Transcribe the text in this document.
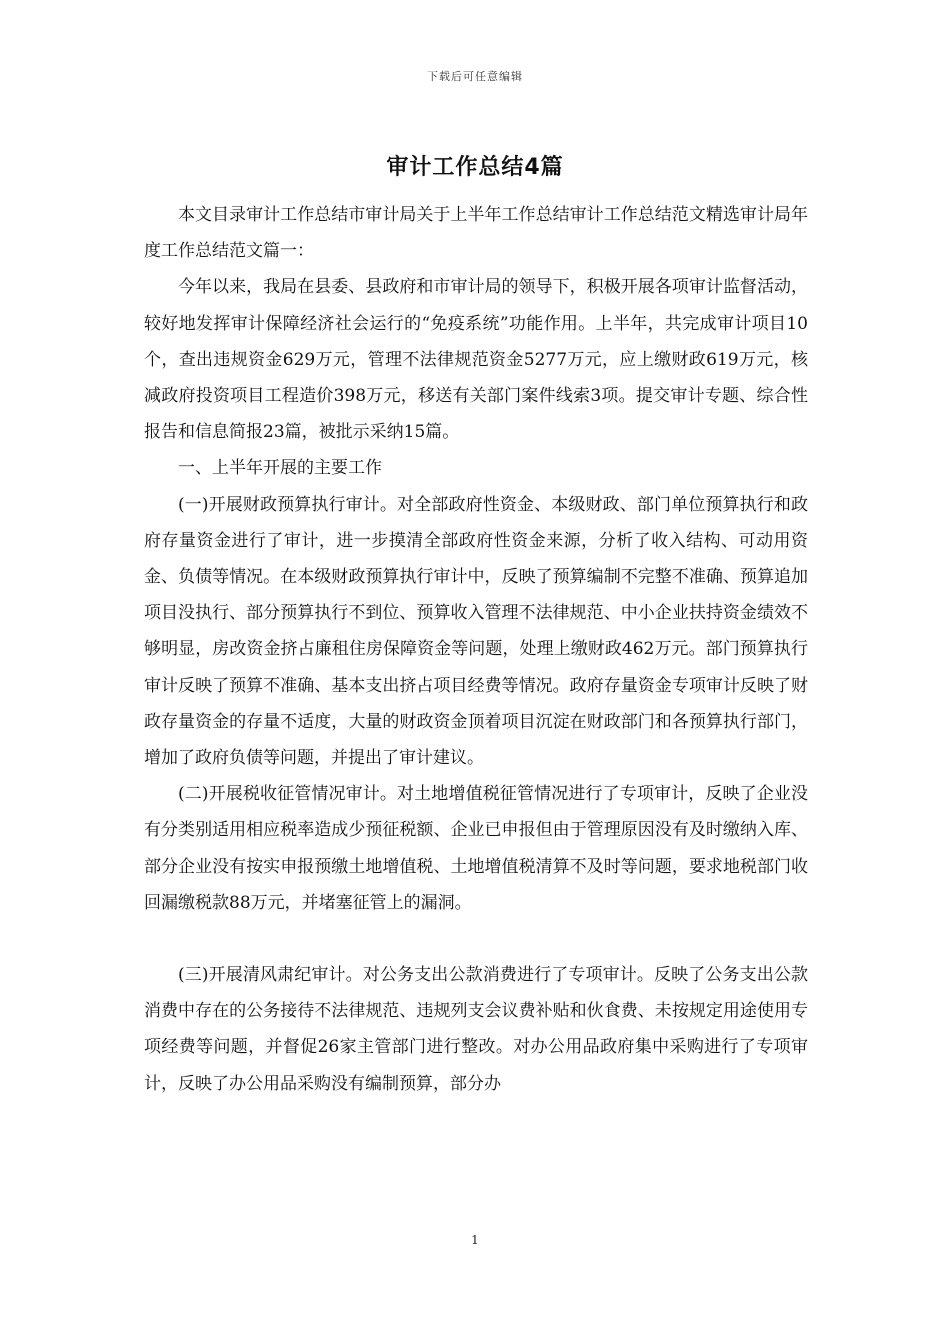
下载后可任意编辑
审计工作总结4篇

本文目录审计工作总结市审计局关于上半年工作总结审计工作总结范文精选审计局年度工作总结范文篇一：

今年以来，我局在县委、县政府和市审计局的领导下，积极开展各项审计监督活动，较好地发挥审计保障经济社会运行的“免疫系统”功能作用。上半年，共完成审计项目10个，查出违规资金629万元，管理不法律规范资金5277万元，应上缴财政619万元，核减政府投资项目工程造价398万元，移送有关部门案件线索3项。提交审计专题、综合性报告和信息简报23篇，被批示采纳15篇。

一、上半年开展的主要工作

(一)开展财政预算执行审计。对全部政府性资金、本级财政、部门单位预算执行和政府存量资金进行了审计，进一步摸清全部政府性资金来源，分析了收入结构、可动用资金、负债等情况。在本级财政预算执行审计中，反映了预算编制不完整不准确、预算追加项目没执行、部分预算执行不到位、预算收入管理不法律规范、中小企业扶持资金绩效不够明显，房改资金挤占廉租住房保障资金等问题，处理上缴财政462万元。部门预算执行审计反映了预算不准确、基本支出挤占项目经费等情况。政府存量资金专项审计反映了财政存量资金的存量不适度，大量的财政资金顶着项目沉淀在财政部门和各预算执行部门，增加了政府负债等问题，并提出了审计建议。

(二)开展税收征管情况审计。对土地增值税征管情况进行了专项审计，反映了企业没有分类别适用相应税率造成少预征税额、企业已申报但由于管理原因没有及时缴纳入库、部分企业没有按实申报预缴土地增值税、土地增值税清算不及时等问题，要求地税部门收回漏缴税款88万元，并堵塞征管上的漏洞。

(三)开展清风肃纪审计。对公务支出公款消费进行了专项审计。反映了公务支出公款消费中存在的公务接待不法律规范、违规列支会议费补贴和伙食费、未按规定用途使用专项经费等问题，并督促26家主管部门进行整改。对办公用品政府集中采购进行了专项审计，反映了办公用品采购没有编制预算，部分办

1
